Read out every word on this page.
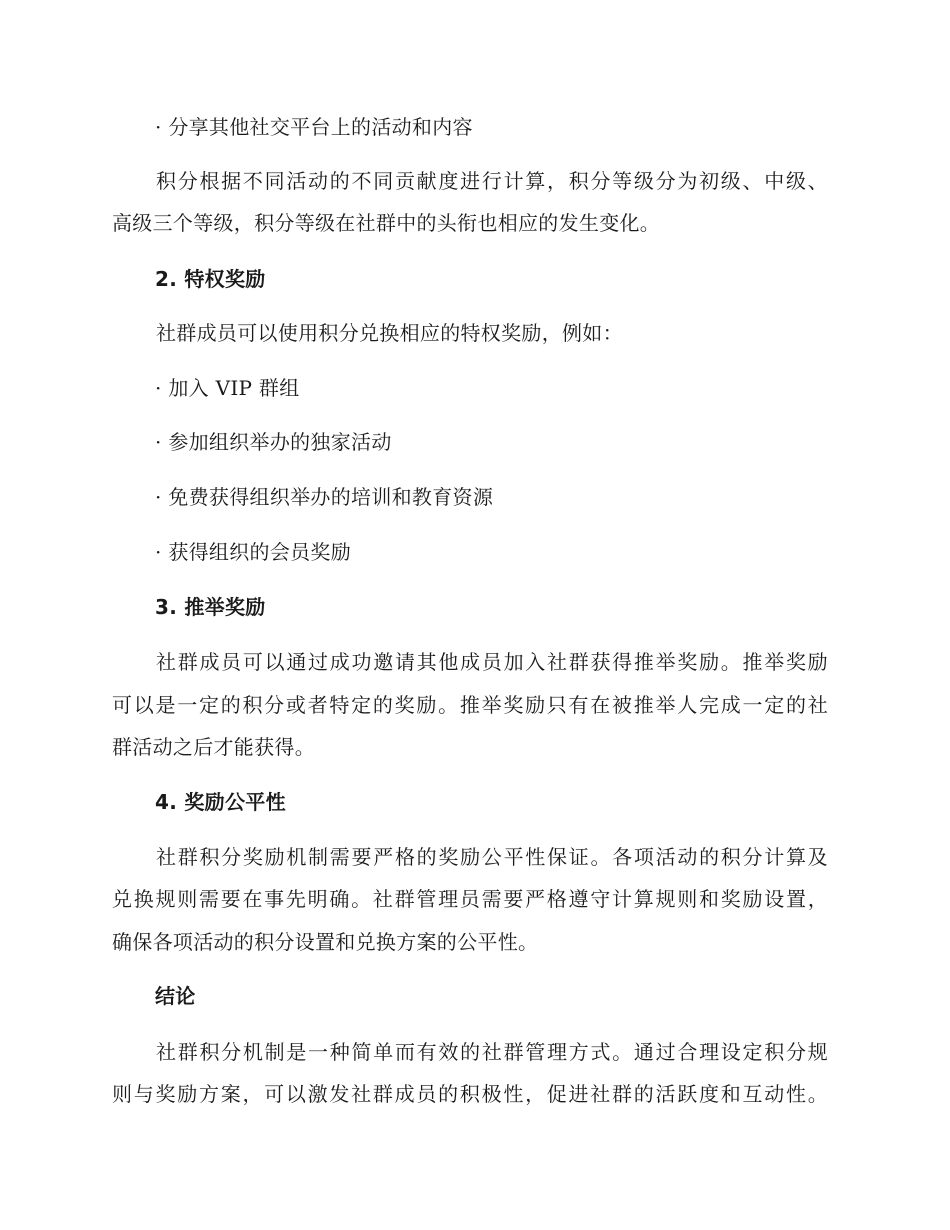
· 分享其他社交平台上的活动和内容
积分根据不同活动的不同贡献度进行计算，积分等级分为初级、中级、
高级三个等级，积分等级在社群中的头衔也相应的发生变化。
2. 特权奖励
社群成员可以使用积分兑换相应的特权奖励，例如：
· 加入 VIP 群组
· 参加组织举办的独家活动
· 免费获得组织举办的培训和教育资源
· 获得组织的会员奖励
3. 推举奖励
社群成员可以通过成功邀请其他成员加入社群获得推举奖励。推举奖励
可以是一定的积分或者特定的奖励。推举奖励只有在被推举人完成一定的社
群活动之后才能获得。
4. 奖励公平性
社群积分奖励机制需要严格的奖励公平性保证。各项活动的积分计算及
兑换规则需要在事先明确。社群管理员需要严格遵守计算规则和奖励设置，
确保各项活动的积分设置和兑换方案的公平性。
结论
社群积分机制是一种简单而有效的社群管理方式。通过合理设定积分规
则与奖励方案，可以激发社群成员的积极性，促进社群的活跃度和互动性。
